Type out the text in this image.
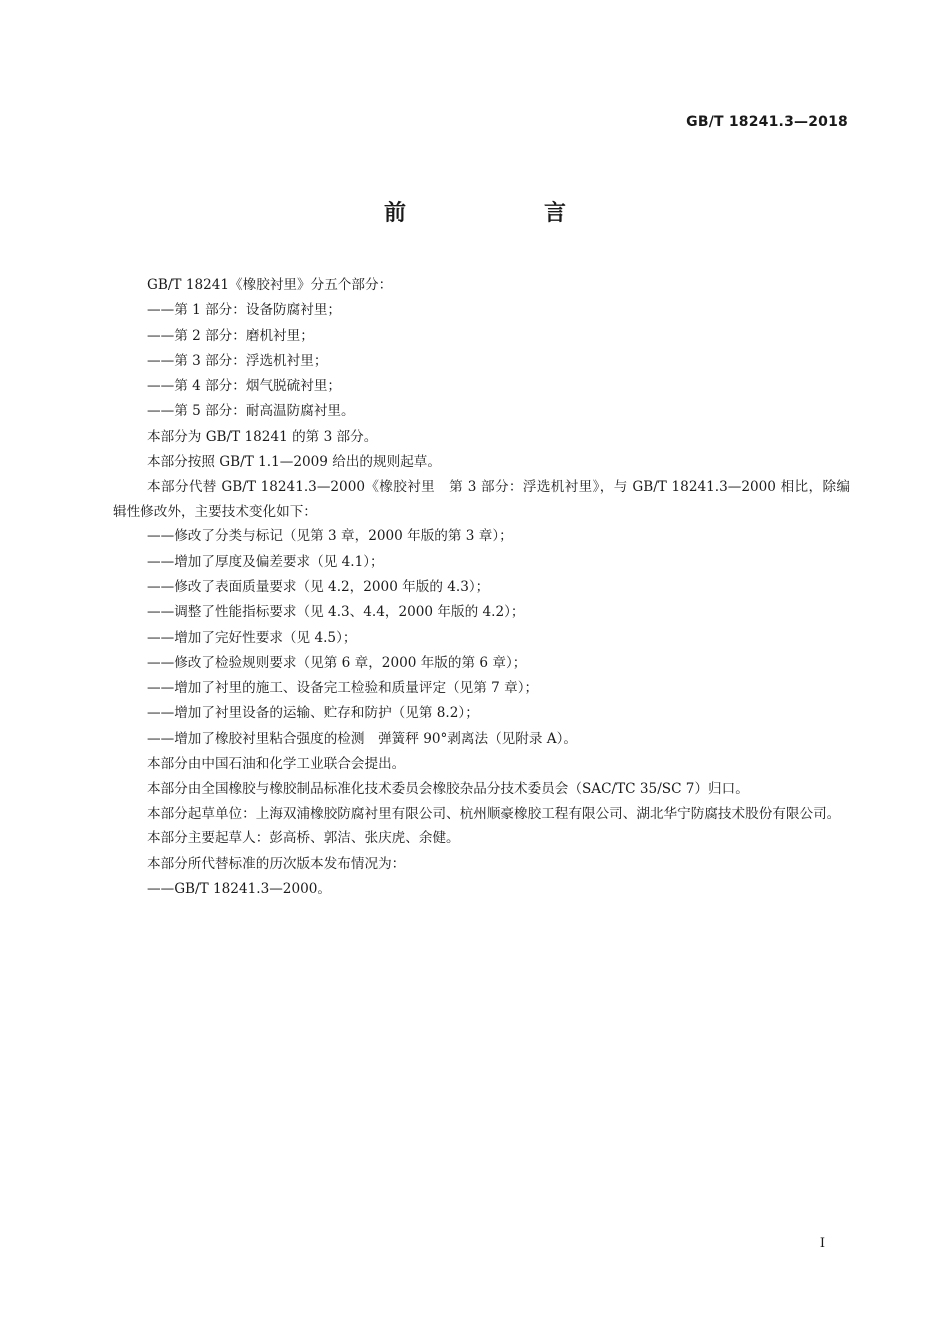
GB/T 18241.3—2018
前　言

GB/T 18241《橡胶衬里》分五个部分：

——第 1 部分：设备防腐衬里；

——第 2 部分：磨机衬里；

——第 3 部分：浮选机衬里；

——第 4 部分：烟气脱硫衬里；

——第 5 部分：耐高温防腐衬里。

本部分为 GB/T 18241 的第 3 部分。

本部分按照 GB/T 1.1—2009 给出的规则起草。

本部分代替 GB/T 18241.3—2000《橡胶衬里　第 3 部分：浮选机衬里》，与 GB/T 18241.3—2000 相比，除编辑性修改外，主要技术变化如下：

——修改了分类与标记（见第 3 章，2000 年版的第 3 章）；

——增加了厚度及偏差要求（见 4.1）；

——修改了表面质量要求（见 4.2，2000 年版的 4.3）；

——调整了性能指标要求（见 4.3、4.4，2000 年版的 4.2）；

——增加了完好性要求（见 4.5）；

——修改了检验规则要求（见第 6 章，2000 年版的第 6 章）；

——增加了衬里的施工、设备完工检验和质量评定（见第 7 章）；

——增加了衬里设备的运输、贮存和防护（见第 8.2）；

——增加了橡胶衬里粘合强度的检测　弹簧秤 90°剥离法（见附录 A）。

本部分由中国石油和化学工业联合会提出。

本部分由全国橡胶与橡胶制品标准化技术委员会橡胶杂品分技术委员会（SAC/TC 35/SC 7）归口。

本部分起草单位：上海双浦橡胶防腐衬里有限公司、杭州顺豪橡胶工程有限公司、湖北华宁防腐技术股份有限公司。

本部分主要起草人：彭高桥、郭洁、张庆虎、余健。

本部分所代替标准的历次版本发布情况为：

——GB/T 18241.3—2000。

I
